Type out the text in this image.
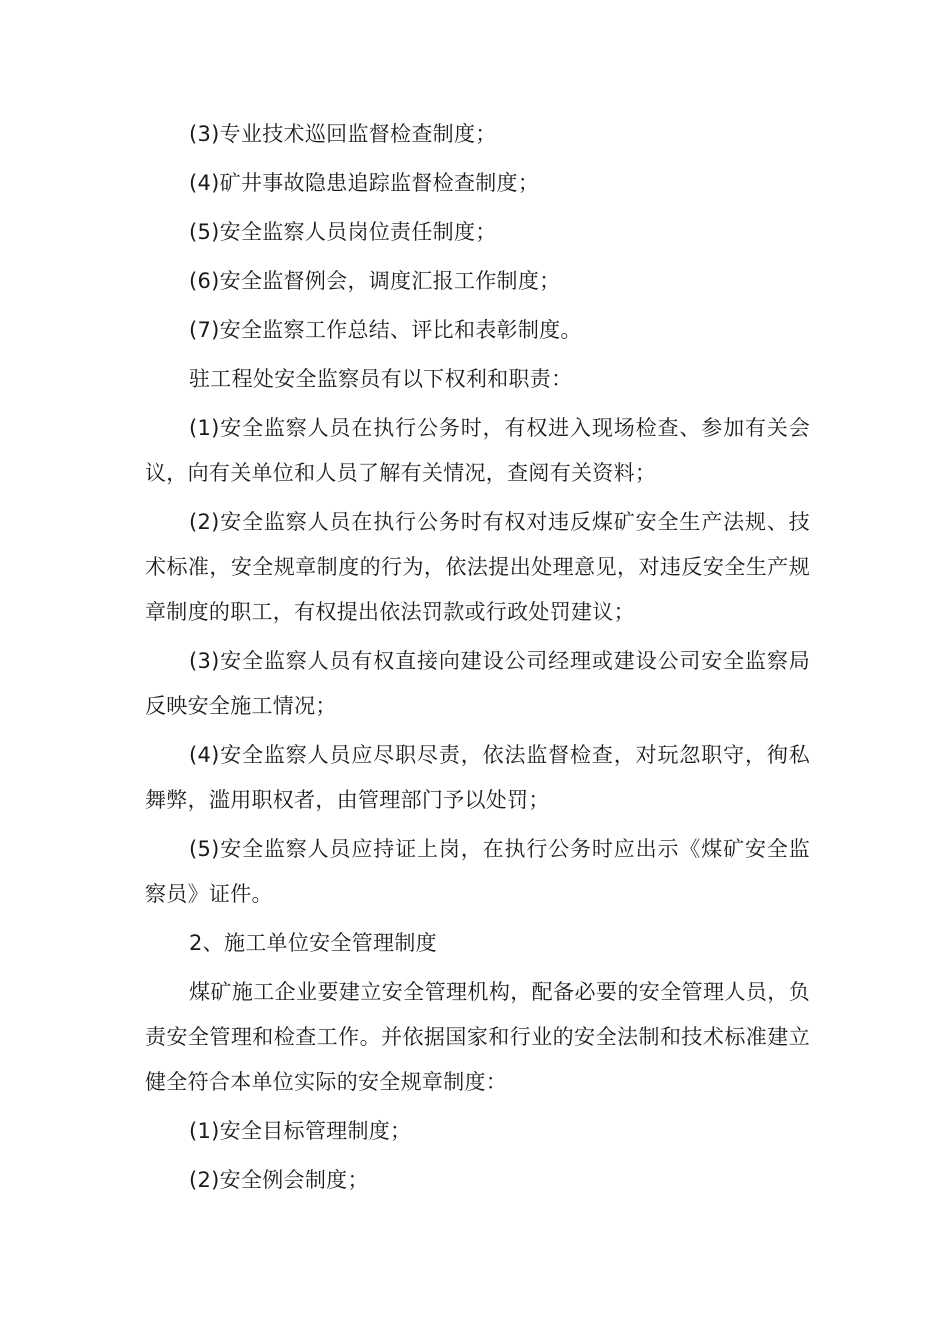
(3)专业技术巡回监督检查制度；

(4)矿井事故隐患追踪监督检查制度；

(5)安全监察人员岗位责任制度；

(6)安全监督例会，调度汇报工作制度；

(7)安全监察工作总结、评比和表彰制度。

驻工程处安全监察员有以下权利和职责：

(1)安全监察人员在执行公务时，有权进入现场检查、参加有关会议，向有关单位和人员了解有关情况，查阅有关资料；

(2)安全监察人员在执行公务时有权对违反煤矿安全生产法规、技术标准，安全规章制度的行为，依法提出处理意见，对违反安全生产规章制度的职工，有权提出依法罚款或行政处罚建议；

(3)安全监察人员有权直接向建设公司经理或建设公司安全监察局反映安全施工情况；

(4)安全监察人员应尽职尽责，依法监督检查，对玩忽职守，徇私舞弊，滥用职权者，由管理部门予以处罚；

(5)安全监察人员应持证上岗，在执行公务时应出示《煤矿安全监察员》证件。

2、施工单位安全管理制度

煤矿施工企业要建立安全管理机构，配备必要的安全管理人员，负责安全管理和检查工作。并依据国家和行业的安全法制和技术标准建立健全符合本单位实际的安全规章制度：

(1)安全目标管理制度；

(2)安全例会制度；
